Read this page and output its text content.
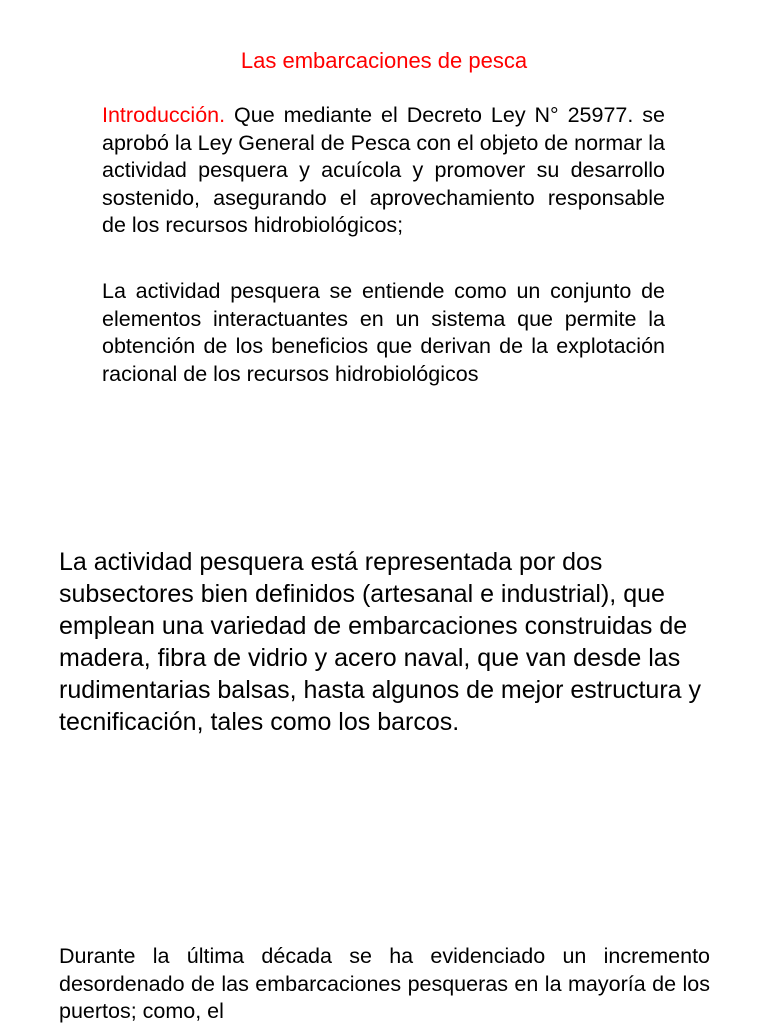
Las embarcaciones de pesca

Introducción. Que mediante el Decreto Ley N° 25977. se aprobó la Ley General de Pesca con el objeto de normar la actividad pesquera y acuícola y promover su desarrollo sostenido, asegurando el aprovechamiento responsable de los recursos hidrobiológicos;

La actividad pesquera se entiende como un conjunto de elementos interactuantes en un sistema que permite la obtención de los beneficios que derivan de la explotación racional de los recursos hidrobiológicos

La actividad pesquera está representada por dos subsectores bien definidos (artesanal e industrial), que emplean una variedad de embarcaciones construidas de madera, fibra de vidrio y acero naval, que van desde las rudimentarias balsas, hasta algunos de mejor estructura y tecnificación, tales como los barcos.

Durante la última década se ha evidenciado un incremento desordenado de las embarcaciones pesqueras en la mayoría de los puertos; como, el
